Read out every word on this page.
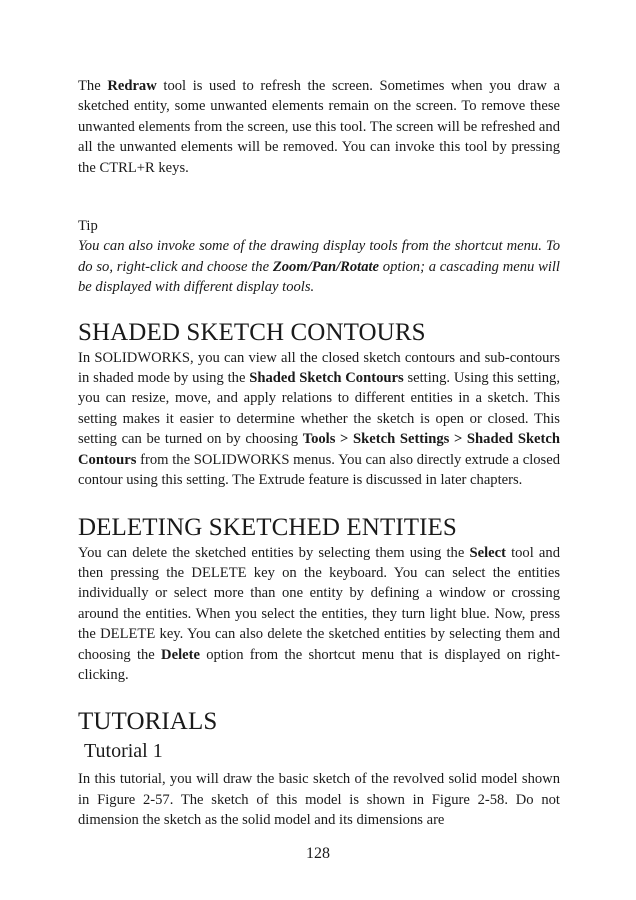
The Redraw tool is used to refresh the screen. Sometimes when you draw a sketched entity, some unwanted elements remain on the screen. To remove these unwanted elements from the screen, use this tool. The screen will be refreshed and all the unwanted elements will be removed. You can invoke this tool by pressing the CTRL+R keys.

Tip

You can also invoke some of the drawing display tools from the shortcut menu. To do so, right-click and choose the Zoom/Pan/Rotate option; a cascading menu will be displayed with different display tools.

SHADED SKETCH CONTOURS

In SOLIDWORKS, you can view all the closed sketch contours and sub-contours in shaded mode by using the Shaded Sketch Contours setting. Using this setting, you can resize, move, and apply relations to different entities in a sketch. This setting makes it easier to determine whether the sketch is open or closed. This setting can be turned on by choosing Tools > Sketch Settings > Shaded Sketch Contours from the SOLIDWORKS menus. You can also directly extrude a closed contour using this setting. The Extrude feature is discussed in later chapters.

DELETING SKETCHED ENTITIES

You can delete the sketched entities by selecting them using the Select tool and then pressing the DELETE key on the keyboard. You can select the entities individually or select more than one entity by defining a window or crossing around the entities. When you select the entities, they turn light blue. Now, press the DELETE key. You can also delete the sketched entities by selecting them and choosing the Delete option from the shortcut menu that is displayed on right-clicking.

TUTORIALS
Tutorial 1

In this tutorial, you will draw the basic sketch of the revolved solid model shown in Figure 2-57. The sketch of this model is shown in Figure 2-58. Do not dimension the sketch as the solid model and its dimensions are

128
